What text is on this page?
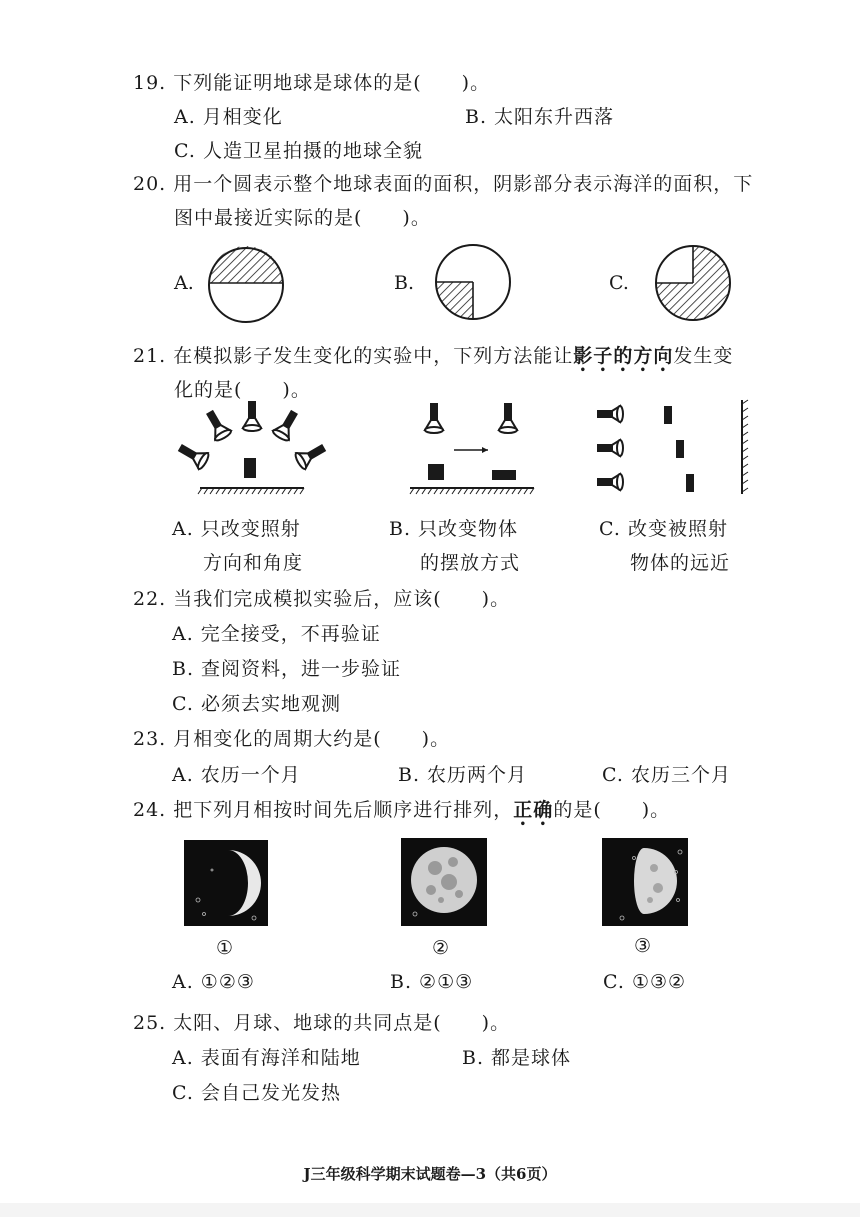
19. 下列能证明地球是球体的是(　　)。
A. 月相变化	B. 太阳东升西落
C. 人造卫星拍摄的地球全貌
20. 用一个圆表示整个地球表面的面积，阴影部分表示海洋的面积，下
图中最接近实际的是(　　)。
A.	B.	C.
21. 在模拟影子发生变化的实验中，下列方法能让影子的方向发生变
化的是(　　)。
A. 只改变照射
方向和角度
B. 只改变物体
的摆放方式
C. 改变被照射
物体的远近
22. 当我们完成模拟实验后，应该(　　)。
A. 完全接受，不再验证
B. 查阅资料，进一步验证
C. 必须去实地观测
23. 月相变化的周期大约是(　　)。
A. 农历一个月	B. 农历两个月	C. 农历三个月
24. 把下列月相按时间先后顺序进行排列，正确的是(　　)。
①	②	③
A. ①②③	B. ②①③	C. ①③②
25. 太阳、月球、地球的共同点是(　　)。
A. 表面有海洋和陆地	B. 都是球体
C. 会自己发光发热
J三年级科学期末试题卷—3（共6页）
